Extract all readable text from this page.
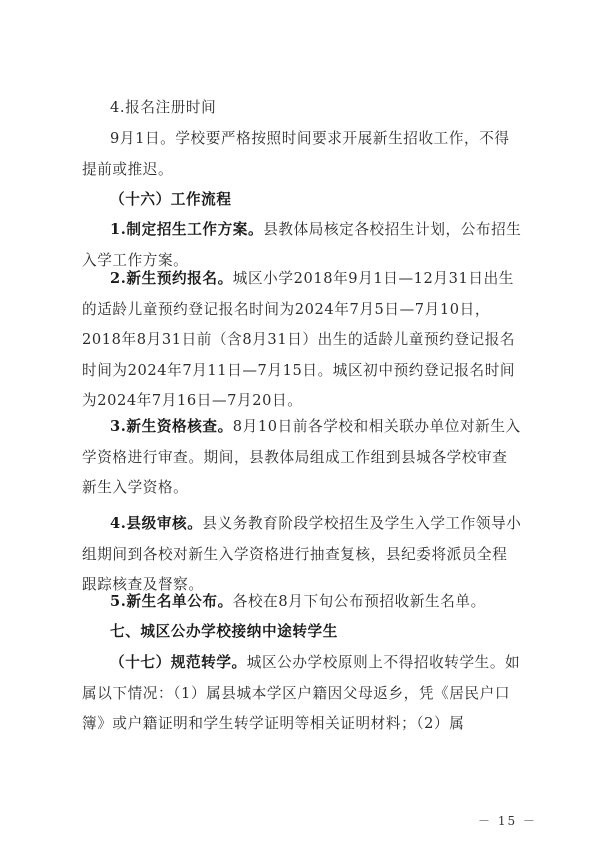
4.报名注册时间

9月1日。学校要严格按照时间要求开展新生招收工作，不得提前或推迟。

（十六）工作流程

1.制定招生工作方案。县教体局核定各校招生计划，公布招生入学工作方案。

2.新生预约报名。城区小学2018年9月1日—12月31日出生的适龄儿童预约登记报名时间为2024年7月5日—7月10日，2018年8月31日前（含8月31日）出生的适龄儿童预约登记报名时间为2024年7月11日—7月15日。城区初中预约登记报名时间为2024年7月16日—7月20日。

3.新生资格核查。8月10日前各学校和相关联办单位对新生入学资格进行审查。期间，县教体局组成工作组到县城各学校审查新生入学资格。

4.县级审核。县义务教育阶段学校招生及学生入学工作领导小组期间到各校对新生入学资格进行抽查复核，县纪委将派员全程跟踪核查及督察。

5.新生名单公布。各校在8月下旬公布预招收新生名单。

七、城区公办学校接纳中途转学生

（十七）规范转学。城区公办学校原则上不得招收转学生。如属以下情况：（1）属县城本学区户籍因父母返乡，凭《居民户口簿》或户籍证明和学生转学证明等相关证明材料；（2）属

－ 15 －
